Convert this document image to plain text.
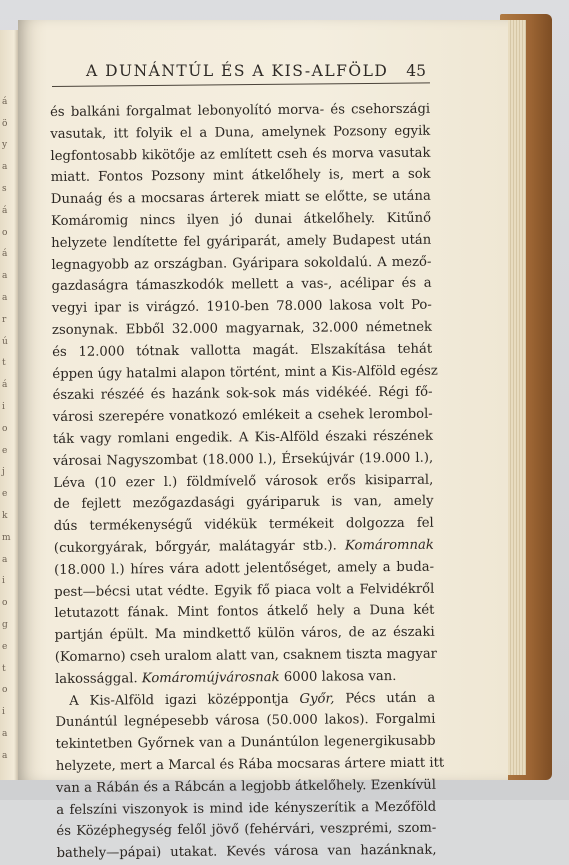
á
ö
y
a
s
á
o
á
a
a
r
ú
t
á
i
o
e
j
e
k
m
a
i
o
g
e
t
o
i
a
a
A DUNÁNTÚL ÉS A KIS-ALFÖLD 45
és balkáni forgalmat lebonyolító morva- és csehországi
vasutak, itt folyik el a Duna, amelynek Pozsony egyik
legfontosabb kikötője az említett cseh és morva vasutak
miatt. Fontos Pozsony mint átkelőhely is, mert a sok
Dunaág és a mocsaras árterek miatt se előtte, se utána
Komáromig nincs ilyen jó dunai átkelőhely. Kitűnő
helyzete lendítette fel gyáriparát, amely Budapest után
legnagyobb az országban. Gyáripara sokoldalú. A mező-
gazdaságra támaszkodók mellett a vas-, acélipar és a
vegyi ipar is virágzó. 1910-ben 78.000 lakosa volt Po-
zsonynak. Ebből 32.000 magyarnak, 32.000 németnek
és 12.000 tótnak vallotta magát. Elszakítása tehát
éppen úgy hatalmi alapon történt, mint a Kis-Alföld egész
északi részéé és hazánk sok-sok más vidékéé. Régi fő-
városi szerepére vonatkozó emlékeit a csehek lerombol-
ták vagy romlani engedik. A Kis-Alföld északi részének
városai Nagyszombat (18.000 l.), Érsekújvár (19.000 l.),
Léva (10 ezer l.) földmívelő városok erős kisiparral,
de fejlett mezőgazdasági gyáriparuk is van, amely
dús termékenységű vidékük termékeit dolgozza fel
(cukorgyárak, bőrgyár, malátagyár stb.). Komáromnak
(18.000 l.) híres vára adott jelentőséget, amely a buda-
pest—bécsi utat védte. Egyik fő piaca volt a Felvidékről
letutazott fának. Mint fontos átkelő hely a Duna két
partján épült. Ma mindkettő külön város, de az északi
(Komarno) cseh uralom alatt van, csaknem tiszta magyar
lakossággal. Komáromújvárosnak 6000 lakosa van.
A Kis-Alföld igazi középpontja Győr, Pécs után a
Dunántúl legnépesebb városa (50.000 lakos). Forgalmi
tekintetben Győrnek van a Dunántúlon legenergikusabb
helyzete, mert a Marcal és Rába mocsaras ártere miatt itt
van a Rábán és a Rábcán a legjobb átkelőhely. Ezenkívül
a felszíni viszonyok is mind ide kényszerítik a Mezőföld
és Középhegység felől jövő (fehérvári, veszprémi, szom-
bathely—pápai) utakat. Kevés városa van hazánknak,
